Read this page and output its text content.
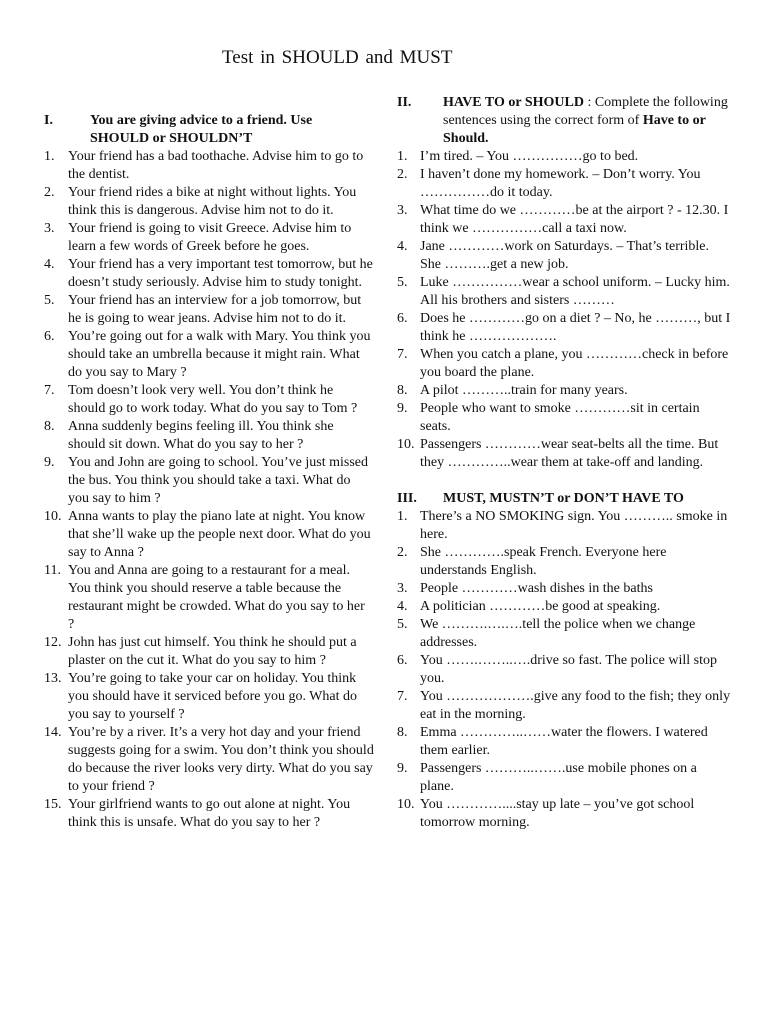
Test in SHOULD and MUST
I.	You are giving advice to a friend. Use SHOULD or SHOULDN’T
1. Your friend has a bad toothache. Advise him to go to the dentist.
2. Your friend rides a bike at night without lights. You think this is dangerous. Advise him not to do it.
3. Your friend is going to visit Greece. Advise him to learn a few words of Greek before he goes.
4. Your friend has a very important test tomorrow, but he doesn’t study seriously. Advise him to study tonight.
5. Your friend has an interview for a job tomorrow, but he is going to wear jeans. Advise him not to do it.
6. You’re going out for a walk with Mary. You think you should take an umbrella because it might rain. What do you say to Mary ?
7. Tom doesn’t look very well. You don’t think he should go to work today. What do you say to Tom ?
8. Anna suddenly begins feeling ill. You think she should sit down. What do you say to her ?
9. You and John are going to school. You’ve just missed the bus. You think you should take a taxi. What do you say to him ?
10. Anna wants to play the piano late at night. You know that she’ll wake up the people next door. What do you say to Anna ?
11. You and Anna are going to a restaurant for a meal. You think you should reserve a table because the restaurant might be crowded. What do you say to her ?
12. John has just cut himself. You think he should put a plaster on the cut it. What do you say to him ?
13. You’re going to take your car on holiday. You think you should have it serviced before you go. What do you say to yourself ?
14. You’re by a river. It’s a very hot day and your friend suggests going for a swim. You don’t think you should do because the river looks very dirty. What do you say to your friend ?
15. Your girlfriend wants to go out alone at night. You think this is unsafe. What do you say to her ?
II.	HAVE TO or SHOULD : Complete the following sentences using the correct form of Have to or Should.
1. I’m tired. – You ……………go to bed.
2. I haven’t done my homework. – Don’t worry. You ……………do it today.
3. What time do we …………be at the airport ? - 12.30. I think we ……………call a taxi now.
4. Jane …………work on Saturdays. – That’s terrible. She ……….get a new job.
5. Luke ……………wear a school uniform. – Lucky him. All his brothers and sisters ………
6. Does he …………go on a diet ? – No, he ………, but I think he ……………….
7. When you catch a plane, you …………check in before you board the plane.
8. A pilot ………..train for many years.
9. People who want to smoke …………sit in certain seats.
10. Passengers …………wear seat-belts all the time. But they …………..wear them at take-off and landing.
III.	MUST, MUSTN’T or DON’T HAVE TO
1. There’s a NO SMOKING sign. You ……….. smoke in here.
2. She ………….speak French. Everyone here understands English.
3. People …………wash dishes in the baths
4. A politician …………be good at speaking.
5. We ……….….….tell the police when we change addresses.
6. You …….……..….drive so fast. The police will stop you.
7. You ……………….give any food to the fish; they only eat in the morning.
8. Emma …………..……water the flowers. I watered them earlier.
9. Passengers ………..…….use mobile phones on a plane.
10. You …………....stay up late – you’ve got school tomorrow morning.
